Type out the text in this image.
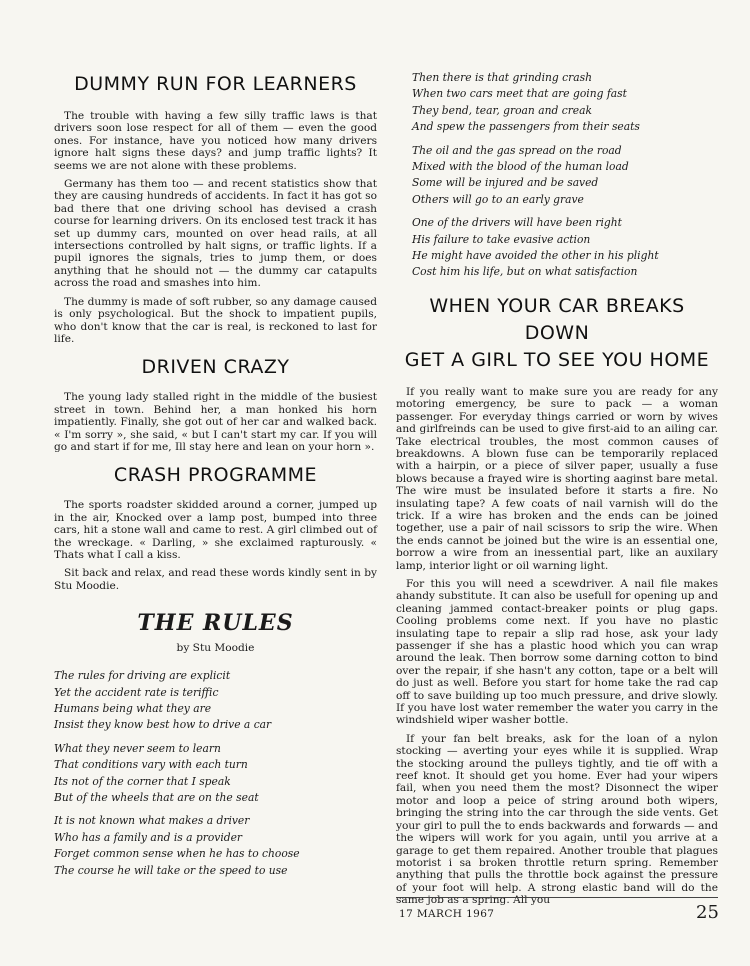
DUMMY RUN FOR LEARNERS

The trouble with having a few silly traffic laws is that drivers soon lose respect for all of them — even the good ones. For instance, have you noticed how many drivers ignore halt signs these days? and jump traffic lights? It seems we are not alone with these problems.

Germany has them too — and recent statistics show that they are causing hundreds of accidents. In fact it has got so bad there that one driving school has devised a crash course for learning drivers. On its enclosed test track it has set up dummy cars, mounted on over head rails, at all intersections controlled by halt signs, or traffic lights. If a pupil ignores the signals, tries to jump them, or does anything that he should not — the dummy car catapults across the road and smashes into him.

The dummy is made of soft rubber, so any damage caused is only psychological. But the shock to impatient pupils, who don't know that the car is real, is reckoned to last for life.

DRIVEN CRAZY

The young lady stalled right in the middle of the busiest street in town. Behind her, a man honked his horn impatiently. Finally, she got out of her car and walked back. « I'm sorry », she said, « but I can't start my car. If you will go and start if for me, Ill stay here and lean on your horn ».

CRASH PROGRAMME

The sports roadster skidded around a corner, jumped up in the air, Knocked over a lamp post, bumped into three cars, hit a stone wall and came to rest. A girl climbed out of the wreckage. « Darling, » she exclaimed rapturously. « Thats what I call a kiss.

Sit back and relax, and read these words kindly sent in by Stu Moodie.

THE RULES
by Stu Moodie
The rules for driving are explicit
Yet the accident rate is teriffic
Humans being what they are
Insist they know best how to drive a car
What they never seem to learn
That conditions vary with each turn
Its not of the corner that I speak
But of the wheels that are on the seat
It is not known what makes a driver
Who has a family and is a provider
Forget common sense when he has to choose
The course he will take or the speed to use
Then there is that grinding crash
When two cars meet that are going fast
They bend, tear, groan and creak
And spew the passengers from their seats
The oil and the gas spread on the road
Mixed with the blood of the human load
Some will be injured and be saved
Others will go to an early grave
One of the drivers will have been right
His failure to take evasive action
He might have avoided the other in his plight
Cost him his life, but on what satisfaction
WHEN YOUR CAR BREAKS DOWN
GET A GIRL TO SEE YOU HOME

If you really want to make sure you are ready for any motoring emergency, be sure to pack — a woman passenger. For everyday things carried or worn by wives and girlfreinds can be used to give first-aid to an ailing car. Take electrical troubles, the most common causes of breakdowns. A blown fuse can be temporarily replaced with a hairpin, or a piece of silver paper, usually a fuse blows because a frayed wire is shorting aaginst bare metal. The wire must be insulated before it starts a fire. No insulating tape? A few coats of nail varnish will do the trick. If a wire has broken and the ends can be joined together, use a pair of nail scissors to srip the wire. When the ends cannot be joined but the wire is an essential one, borrow a wire from an inessential part, like an auxilary lamp, interior light or oil warning light.

For this you will need a scewdriver. A nail file makes ahandy substitute. It can also be usefull for opening up and cleaning jammed contact-breaker points or plug gaps. Cooling problems come next. If you have no plastic insulating tape to repair a slip rad hose, ask your lady passenger if she has a plastic hood which you can wrap around the leak. Then borrow some darning cotton to bind over the repair, if she hasn't any cotton, tape or a belt will do just as well. Before you start for home take the rad cap off to save building up too much pressure, and drive slowly. If you have lost water remember the water you carry in the windshield wiper washer bottle.

If your fan belt breaks, ask for the loan of a nylon stocking — averting your eyes while it is supplied. Wrap the stocking around the pulleys tightly, and tie off with a reef knot. It should get you home. Ever had your wipers fail, when you need them the most? Disonnect the wiper motor and loop a peice of string around both wipers, bringing the string into the car through the side vents. Get your girl to pull the to ends backwards and forwards — and the wipers will work for you again, until you arrive at a garage to get them repaired. Another trouble that plagues motorist i sa broken throttle return spring. Remember anything that pulls the throttle bock against the pressure of your foot will help. A strong elastic band will do the same job as a spring. All you

17 MARCH 1967	25
